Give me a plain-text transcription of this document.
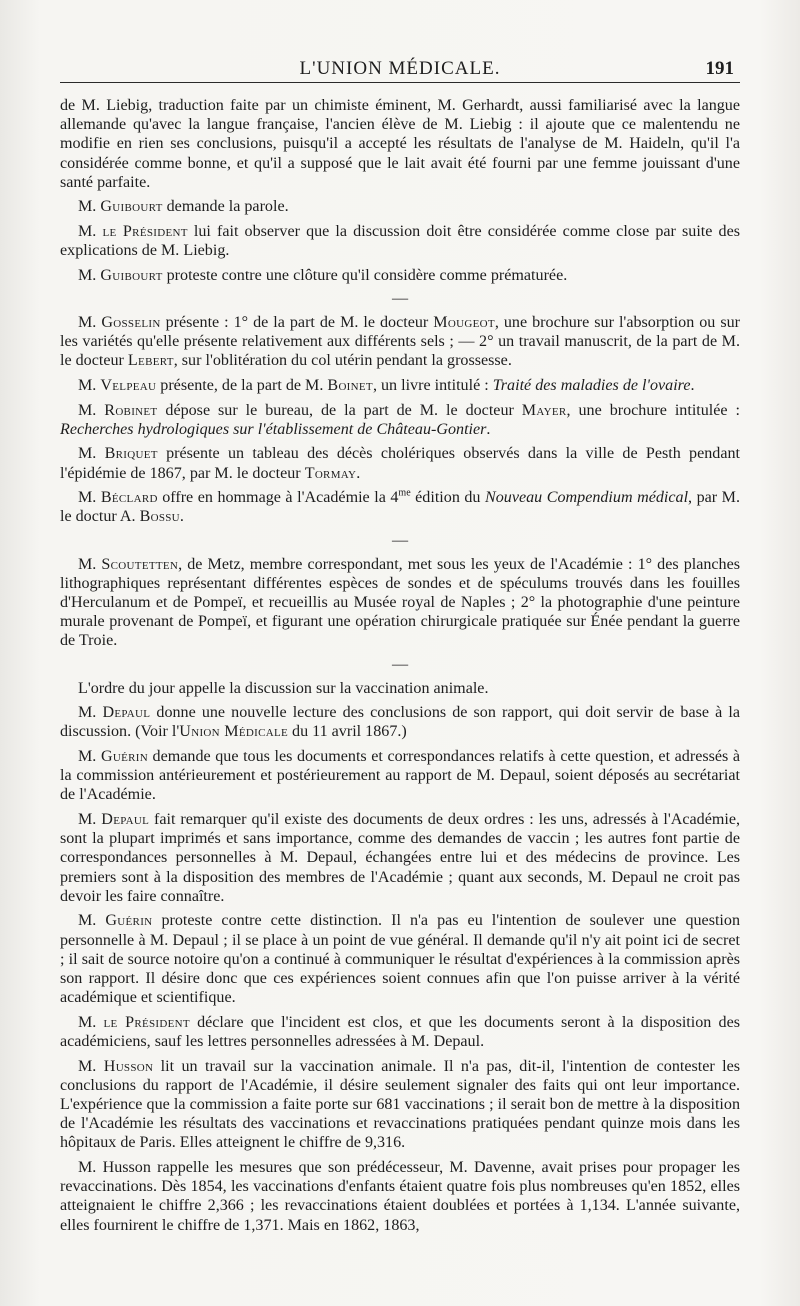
L'UNION MÉDICALE.	191

de M. Liebig, traduction faite par un chimiste éminent, M. Gerhardt, aussi familiarisé avec la langue allemande qu'avec la langue française, l'ancien élève de M. Liebig : il ajoute que ce malentendu ne modifie en rien ses conclusions, puisqu'il a accepté les résultats de l'analyse de M. Haideln, qu'il l'a considérée comme bonne, et qu'il a supposé que le lait avait été fourni par une femme jouissant d'une santé parfaite.

M. Guibourt demande la parole.

M. le Président lui fait observer que la discussion doit être considérée comme close par suite des explications de M. Liebig.

M. Guibourt proteste contre une clôture qu'il considère comme prématurée.

—

M. Gosselin présente : 1° de la part de M. le docteur Mougeot, une brochure sur l'absorption ou sur les variétés qu'elle présente relativement aux différents sels ; — 2° un travail manuscrit, de la part de M. le docteur Lebert, sur l'oblitération du col utérin pendant la grossesse.

M. Velpeau présente, de la part de M. Boinet, un livre intitulé : Traité des maladies de l'ovaire.

M. Robinet dépose sur le bureau, de la part de M. le docteur Mayer, une brochure intitulée : Recherches hydrologiques sur l'établissement de Château-Gontier.

M. Briquet présente un tableau des décès cholériques observés dans la ville de Pesth pendant l'épidémie de 1867, par M. le docteur Tormay.

M. Béclard offre en hommage à l'Académie la $4^{me}$ édition du Nouveau Compendium médical, par M. le doctur A. Bossu.

—

M. Scoutetten, de Metz, membre correspondant, met sous les yeux de l'Académie : 1° des planches lithographiques représentant différentes espèces de sondes et de spéculums trouvés dans les fouilles d'Herculanum et de Pompeï, et recueillis au Musée royal de Naples ; 2° la photographie d'une peinture murale provenant de Pompeï, et figurant une opération chirurgicale pratiquée sur Énée pendant la guerre de Troie.

—

L'ordre du jour appelle la discussion sur la vaccination animale.

M. Depaul donne une nouvelle lecture des conclusions de son rapport, qui doit servir de base à la discussion. (Voir l'Union Médicale du 11 avril 1867.)

M. Guérin demande que tous les documents et correspondances relatifs à cette question, et adressés à la commission antérieurement et postérieurement au rapport de M. Depaul, soient déposés au secrétariat de l'Académie.

M. Depaul fait remarquer qu'il existe des documents de deux ordres : les uns, adressés à l'Académie, sont la plupart imprimés et sans importance, comme des demandes de vaccin ; les autres font partie de correspondances personnelles à M. Depaul, échangées entre lui et des médecins de province. Les premiers sont à la disposition des membres de l'Académie ; quant aux seconds, M. Depaul ne croit pas devoir les faire connaître.

M. Guérin proteste contre cette distinction. Il n'a pas eu l'intention de soulever une question personnelle à M. Depaul ; il se place à un point de vue général. Il demande qu'il n'y ait point ici de secret ; il sait de source notoire qu'on a continué à communiquer le résultat d'expériences à la commission après son rapport. Il désire donc que ces expériences soient connues afin que l'on puisse arriver à la vérité académique et scientifique.

M. le Président déclare que l'incident est clos, et que les documents seront à la disposition des académiciens, sauf les lettres personnelles adressées à M. Depaul.

M. Husson lit un travail sur la vaccination animale. Il n'a pas, dit-il, l'intention de contester les conclusions du rapport de l'Académie, il désire seulement signaler des faits qui ont leur importance. L'expérience que la commission a faite porte sur 681 vaccinations ; il serait bon de mettre à la disposition de l'Académie les résultats des vaccinations et revaccinations pratiquées pendant quinze mois dans les hôpitaux de Paris. Elles atteignent le chiffre de 9,316.

M. Husson rappelle les mesures que son prédécesseur, M. Davenne, avait prises pour propager les revaccinations. Dès 1854, les vaccinations d'enfants étaient quatre fois plus nombreuses qu'en 1852, elles atteignaient le chiffre 2,366 ; les revaccinations étaient doublées et portées à 1,134. L'année suivante, elles fournirent le chiffre de 1,371. Mais en 1862, 1863,
